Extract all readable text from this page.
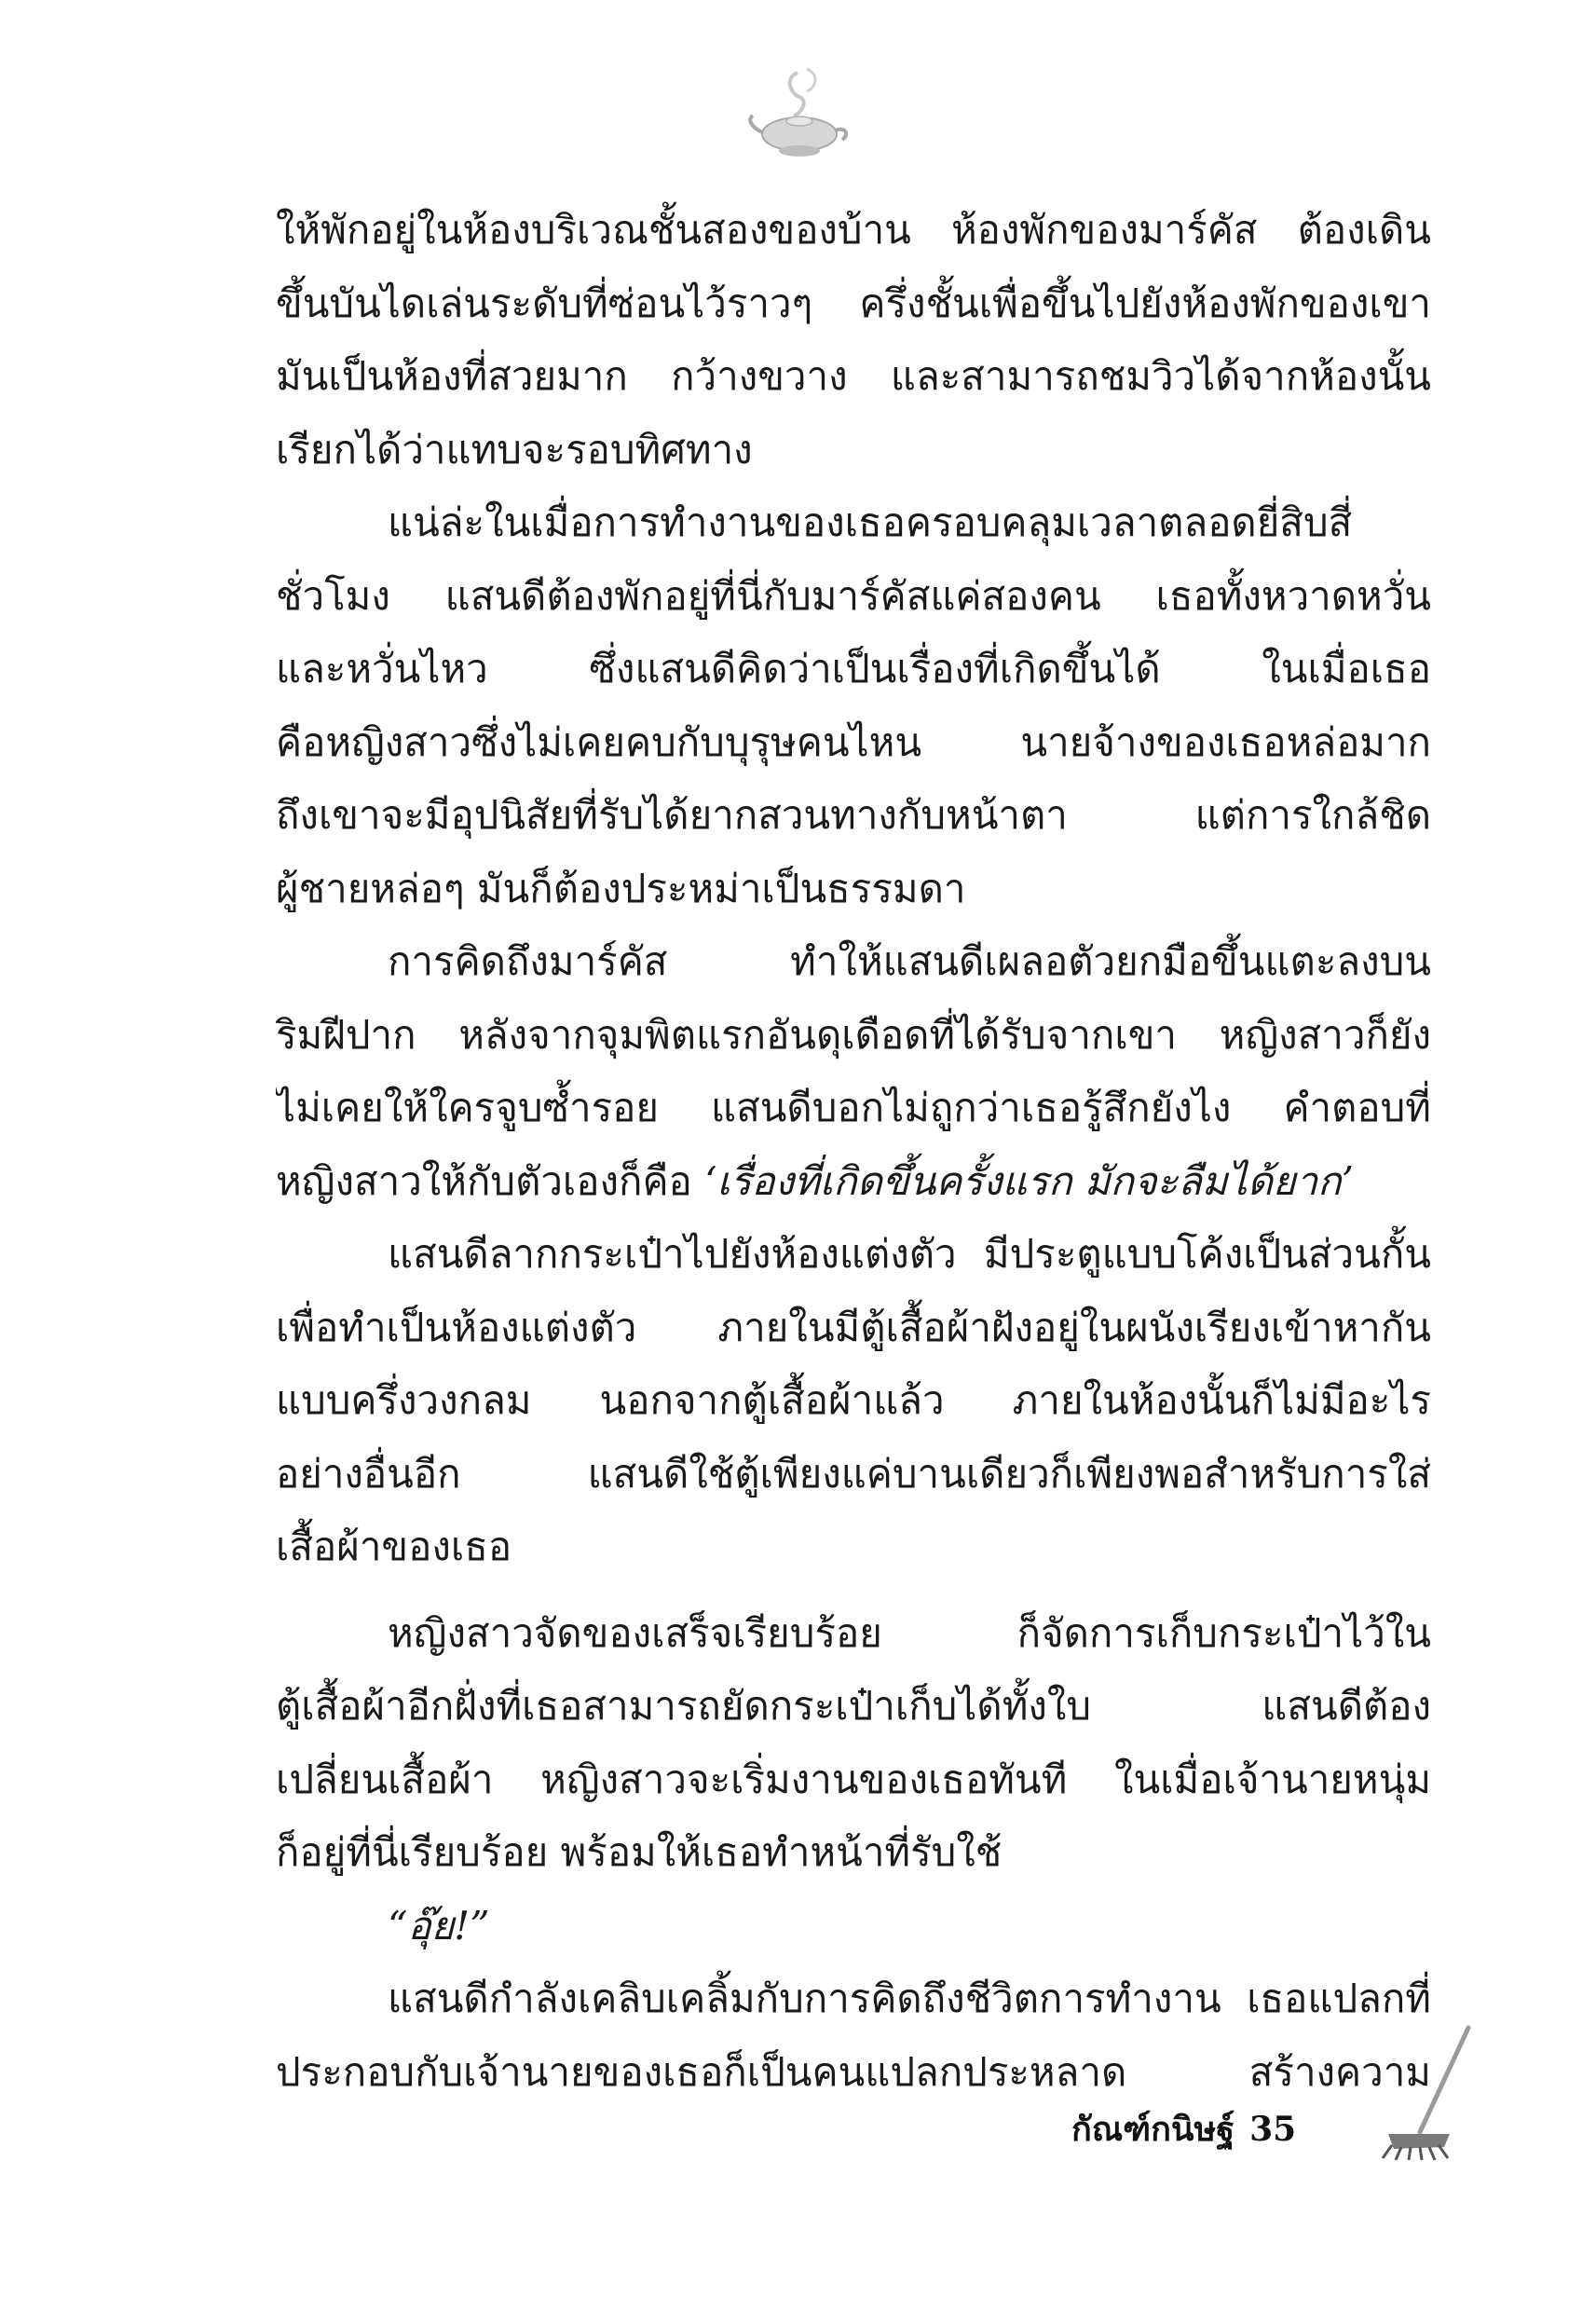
ให้พักอยู่ในห้องบริเวณชั้นสองของบ้าน ห้องพักของมาร์คัส ต้องเดิน
ขึ้นบันไดเล่นระดับที่ซ่อนไว้ราวๆ ครึ่งชั้นเพื่อขึ้นไปยังห้องพักของเขา
มันเป็นห้องที่สวยมาก กว้างขวาง และสามารถชมวิวได้จากห้องนั้น
เรียกได้ว่าแทบจะรอบทิศทาง
แน่ล่ะในเมื่อการทำงานของเธอครอบคลุมเวลาตลอดยี่สิบสี่
ชั่วโมง แสนดีต้องพักอยู่ที่นี่กับมาร์คัสแค่สองคน เธอทั้งหวาดหวั่น
และหวั่นไหว ซึ่งแสนดีคิดว่าเป็นเรื่องที่เกิดขึ้นได้ ในเมื่อเธอ
คือหญิงสาวซึ่งไม่เคยคบกับบุรุษคนไหน นายจ้างของเธอหล่อมาก
ถึงเขาจะมีอุปนิสัยที่รับได้ยากสวนทางกับหน้าตา แต่การใกล้ชิด
ผู้ชายหล่อๆ มันก็ต้องประหม่าเป็นธรรมดา
การคิดถึงมาร์คัส ทำให้แสนดีเผลอตัวยกมือขึ้นแตะลงบน
ริมฝีปาก หลังจากจุมพิตแรกอันดุเดือดที่ได้รับจากเขา หญิงสาวก็ยัง
ไม่เคยให้ใครจูบซ้ำรอย แสนดีบอกไม่ถูกว่าเธอรู้สึกยังไง คำตอบที่
หญิงสาวให้กับตัวเองก็คือ ‘เรื่องที่เกิดขึ้นครั้งแรก มักจะลืมได้ยาก’
แสนดีลากกระเป๋าไปยังห้องแต่งตัว มีประตูแบบโค้งเป็นส่วนกั้น
เพื่อทำเป็นห้องแต่งตัว ภายในมีตู้เสื้อผ้าฝังอยู่ในผนังเรียงเข้าหากัน
แบบครึ่งวงกลม นอกจากตู้เสื้อผ้าแล้ว ภายในห้องนั้นก็ไม่มีอะไร
อย่างอื่นอีก แสนดีใช้ตู้เพียงแค่บานเดียวก็เพียงพอสำหรับการใส่
เสื้อผ้าของเธอ
หญิงสาวจัดของเสร็จเรียบร้อย ก็จัดการเก็บกระเป๋าไว้ใน
ตู้เสื้อผ้าอีกฝั่งที่เธอสามารถยัดกระเป๋าเก็บได้ทั้งใบ แสนดีต้อง
เปลี่ยนเสื้อผ้า หญิงสาวจะเริ่มงานของเธอทันที ในเมื่อเจ้านายหนุ่ม
ก็อยู่ที่นี่เรียบร้อย พร้อมให้เธอทำหน้าที่รับใช้
“อุ๊ย!”
แสนดีกำลังเคลิบเคลิ้มกับการคิดถึงชีวิตการทำงาน เธอแปลกที่
ประกอบกับเจ้านายของเธอก็เป็นคนแปลกประหลาด สร้างความ
กัณฑ์กนิษฐ์ 35
